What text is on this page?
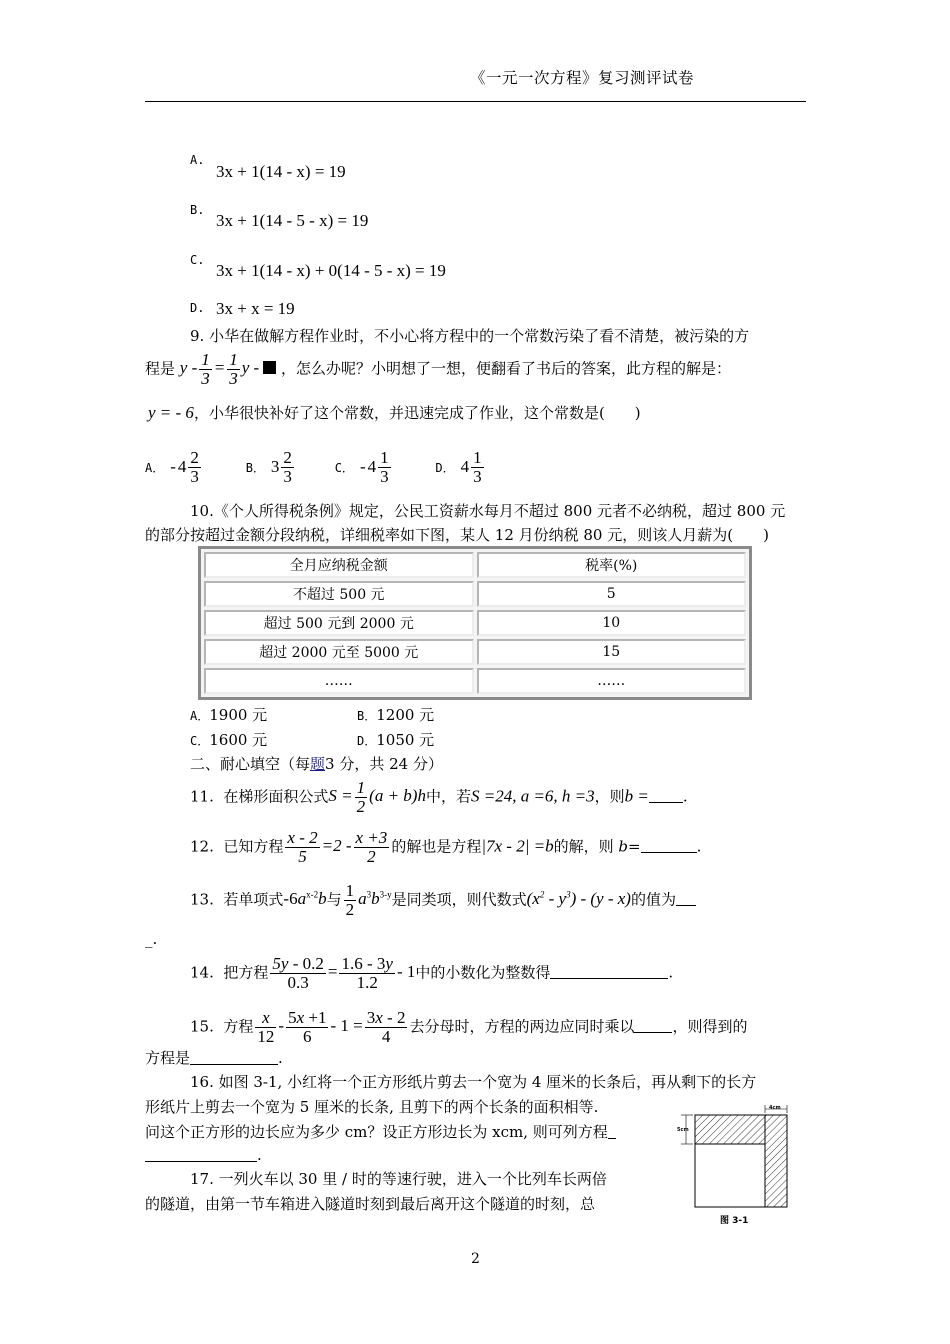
《一元一次方程》复习测评试卷
A.
3x + 1(14 - x) = 19
B.
3x + 1(14 - 5 - x) = 19
C.
3x + 1(14 - x) + 0(14 - 5 - x) = 19
D. 3x + x = 19
9. 小华在做解方程作业时，不小心将方程中的一个常数污染了看不清楚，被污染的方
程是 $y - \frac{1}{3} = \frac{1}{3}$ y - ，怎么办呢？小明想了一想，便翻看了书后的答案，此方程的解是：
y = - 6，小华很快补好了这个常数，并迅速完成了作业，这个常数是(　　)
A． - $4 \frac{2}{3}$	B． $3 \frac{2}{3}$	C． - $4 \frac{1}{3}$	D． $4 \frac{1}{3}$
10.《个人所得税条例》规定，公民工资薪水每月不超过 800 元者不必纳税，超过 800 元
的部分按超过金额分段纳税，详细税率如下图，某人 12 月份纳税 80 元，则该人月薪为(　　)
全月应纳税金额	税率(%)
不超过 500 元	5
超过 500 元到 2000 元	10
超过 2000 元至 5000 元	15
……	……
A．1900 元	B．1200 元
C．1600 元	D．1050 元
二、耐心填空（每题3 分，共 24 分）
11. 在梯形面积公式$S = \frac{1}{2} (a + b)h$中，若S =24, a =6, h =3，则b = .
12. 已知方程 $\frac{x - 2}{5} =2 - \frac{x +3}{2}$ 的解也是方程|7x - 2| =b的解，则 b=	.
13. 若单项式$-6a^{x-2}b$与 $\frac{1}{2} a^3b^{3-y}$是同类项，则代数式$(x^2 - y^3) - (y - x)$的值为
_.
14. 把方程 $\frac{5y - 0.2}{0.3} = \frac{1.6 - 3y}{1.2} - 1$中的小数化为整数得	.
15. 方程 $\frac{x}{12} - \frac{5x +1}{6} - 1 = \frac{3x - 2}{4}$ 去分母时，方程的两边应同时乘以	，则得到的
方程是	.
16. 如图 3-1, 小红将一个正方形纸片剪去一个宽为 4 厘米的长条后，再从剩下的长方
形纸片上剪去一个宽为 5 厘米的长条, 且剪下的两个长条的面积相等.
问这个正方形的边长应为多少 cm？设正方形边长为 xcm, 则可列方程
.
17. 一列火车以 30 里 / 时的等速行驶，进入一个比列车长两倍
的隧道，由第一节车箱进入隧道时刻到最后离开这个隧道的时刻，总
4cm
5cm
图 3-1
2
